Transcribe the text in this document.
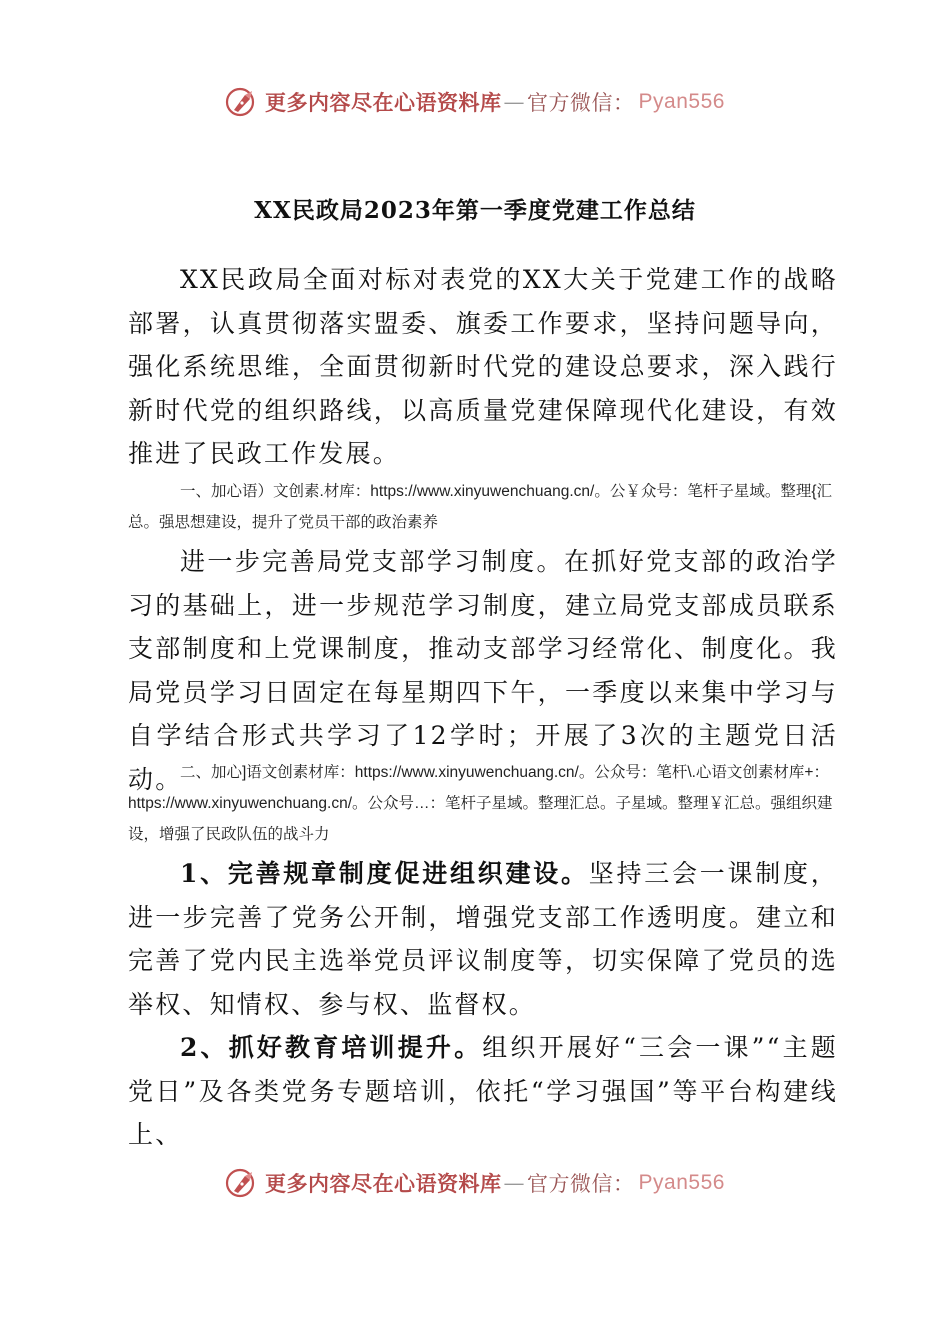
更多内容尽在心语资料库 — 官方微信： Pyan556
XX民政局2023年第一季度党建工作总结

XX民政局全面对标对表党的XX大关于党建工作的战略部署，认真贯彻落实盟委、旗委工作要求，坚持问题导向，强化系统思维，全面贯彻新时代党的建设总要求，深入践行新时代党的组织路线，以高质量党建保障现代化建设，有效推进了民政工作发展。

一、加心语）文创素.材库：https://www.xinyuwenchuang.cn/。公￥众号：笔杆子星域。整理{汇总。强思想建设，提升了党员干部的政治素养

进一步完善局党支部学习制度。在抓好党支部的政治学习的基础上，进一步规范学习制度，建立局党支部成员联系支部制度和上党课制度，推动支部学习经常化、制度化。我局党员学习日固定在每星期四下午，一季度以来集中学习与自学结合形式共学习了12学时；开展了3次的主题党日活动。

二、加心]语文创素材库：https://www.xinyuwenchuang.cn/。公众号：笔杆\.心语文创素材库+：https://www.xinyuwenchuang.cn/。公众号…：笔杆子星域。整理汇总。子星域。整理￥汇总。强组织建设，增强了民政队伍的战斗力

1、完善规章制度促进组织建设。坚持三会一课制度，进一步完善了党务公开制，增强党支部工作透明度。建立和完善了党内民主选举党员评议制度等，切实保障了党员的选举权、知情权、参与权、监督权。

2、抓好教育培训提升。组织开展好“三会一课”“主题党日”及各类党务专题培训，依托“学习强国”等平台构建线上、

更多内容尽在心语资料库 — 官方微信： Pyan556
